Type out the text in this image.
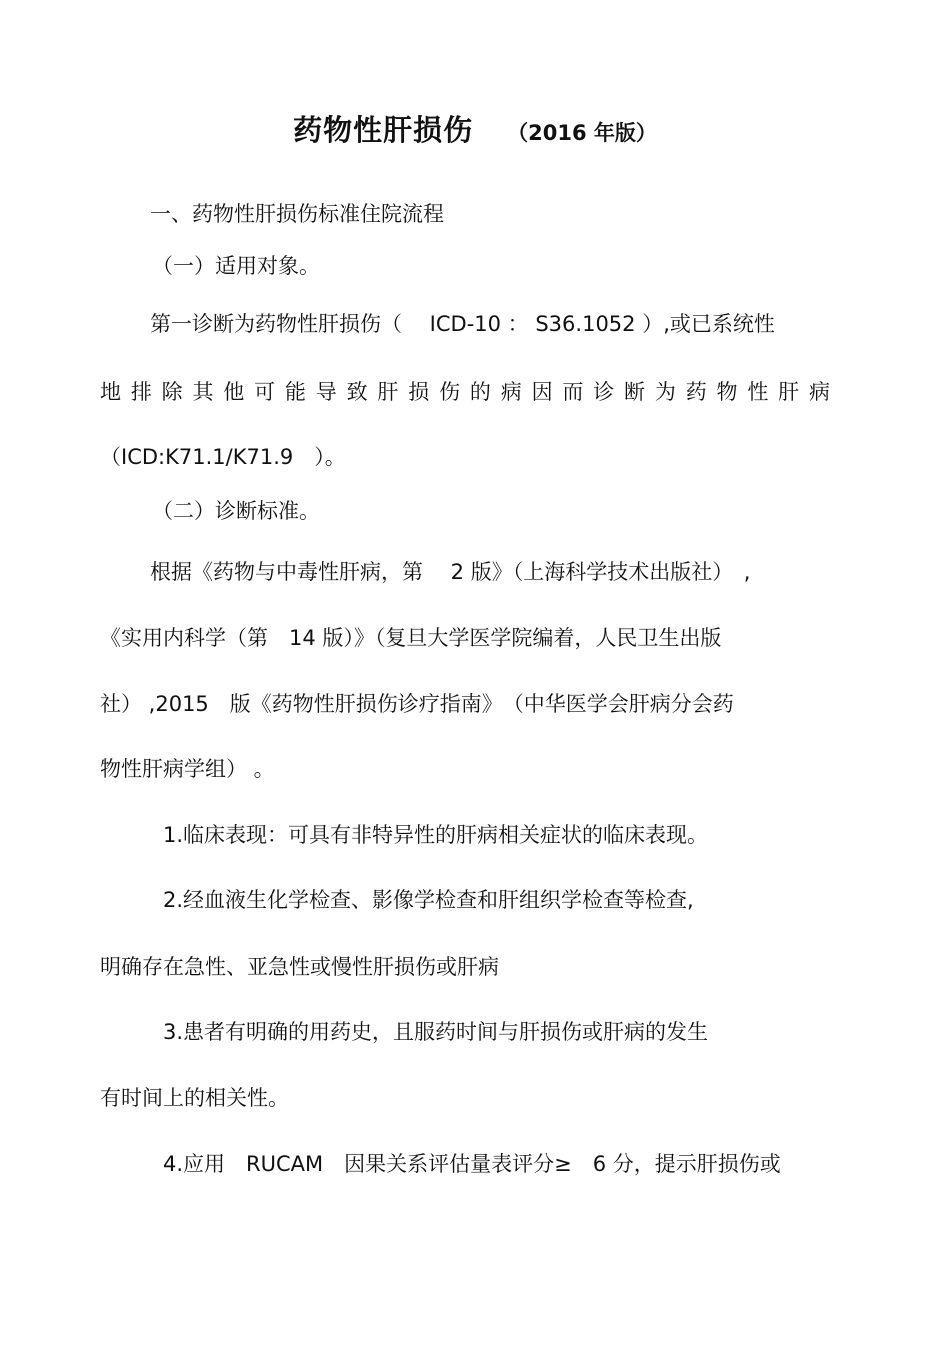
药物性肝损伤 （2016 年版）

一、药物性肝损伤标准住院流程

（一）适用对象。

第一诊断为药物性肝损伤（　 ICD-10 ： S36.1052 ）,或已系统性

地排除其他可能导致肝损伤的病因而诊断为药物性肝病

（ICD:K71.1/K71.9　）。

（二）诊断标准。

根据《药物与中毒性肝病，第　 2 版》（上海科学技术出版社）　,

《实用内科学（第　14 版）》（复旦大学医学院编着，人民卫生出版

社） ,2015　版《药物性肝损伤诊疗指南》　（中华医学会肝病分会药

物性肝病学组） 。

1.临床表现：可具有非特异性的肝病相关症状的临床表现。

2.经血液生化学检查、影像学检查和肝组织学检查等检查,

明确存在急性、亚急性或慢性肝损伤或肝病

3.患者有明确的用药史，且服药时间与肝损伤或肝病的发生

有时间上的相关性。

4.应用　RUCAM　因果关系评估量表评分≥　6 分，提示肝损伤或
